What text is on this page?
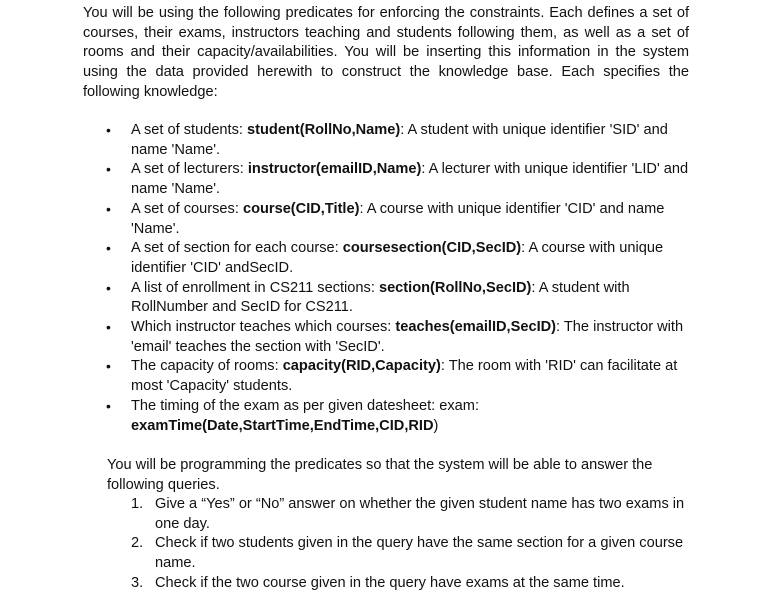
You will be using the following predicates for enforcing the constraints. Each defines a set of courses, their exams, instructors teaching and students following them, as well as a set of rooms and their capacity/availabilities. You will be inserting this information in the system using the data provided herewith to construct the knowledge base. Each specifies the following knowledge:

• A set of students: student(RollNo,Name): A student with unique identifier 'SID' and name 'Name'.
• A set of lecturers: instructor(emailID,Name): A lecturer with unique identifier 'LID' and name 'Name'.
• A set of courses: course(CID,Title): A course with unique identifier 'CID' and name 'Name'.
• A set of section for each course: coursesection(CID,SecID): A course with unique identifier 'CID' andSecID.
• A list of enrollment in CS211 sections: section(RollNo,SecID): A student with RollNumber and SecID for CS211.
• Which instructor teaches which courses: teaches(emailID,SecID): The instructor with 'email' teaches the section with 'SecID'.
• The capacity of rooms: capacity(RID,Capacity): The room with 'RID' can facilitate at most 'Capacity' students.
• The timing of the exam as per given datesheet: exam:
examTime(Date,StartTime,EndTime,CID,RID)

You will be programming the predicates so that the system will be able to answer the following queries.

1. Give a “Yes” or “No” answer on whether the given student name has two exams in one day.
2. Check if two students given in the query have the same section for a given course name.
3. Check if the two course given in the query have exams at the same time.
